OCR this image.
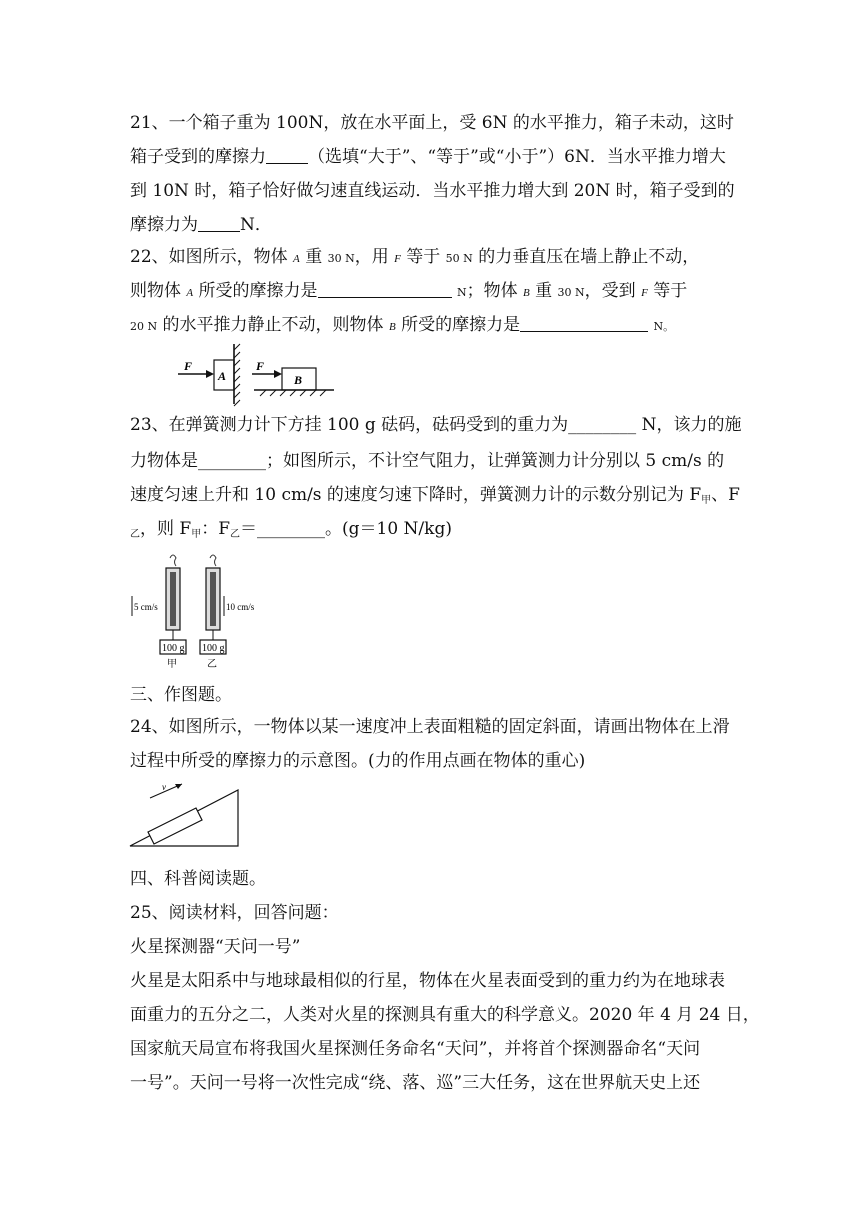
21、一个箱子重为 100N，放在水平面上，受 6N 的水平推力，箱子未动，这时
箱子受到的摩擦力 （选填“大于”、“等于”或“小于”）6N．当水平推力增大
到 10N 时，箱子恰好做匀速直线运动．当水平推力增大到 20N 时，箱子受到的
摩擦力为 N．
22、如图所示，物体 A 重 30 N，用 F 等于 50 N 的力垂直压在墙上静止不动，
则物体 A 所受的摩擦力是	N；物体 B 重 30 N，受到 F 等于
20 N 的水平推力静止不动，则物体 B 所受的摩擦力是	N。
F
A
F
B
23、在弹簧测力计下方挂 100 g 砝码，砝码受到的重力为________ N，该力的施
力物体是________；如图所示，不计空气阻力，让弹簧测力计分别以 5 cm/s 的
速度匀速上升和 10 cm/s 的速度匀速下降时，弹簧测力计的示数分别记为 $F_甲$、F
$_乙$，则 $F_甲$：$F_乙=\_\_\_\_\_\_\_\_$。(g＝10 N/kg)
100 g
甲
5 cm/s
100 g
乙
10 cm/s
三、作图题。
24、如图所示，一物体以某一速度冲上表面粗糙的固定斜面，请画出物体在上滑
过程中所受的摩擦力的示意图。(力的作用点画在物体的重心)
v
四、科普阅读题。
25、阅读材料，回答问题：
火星探测器“天问一号”
火星是太阳系中与地球最相似的行星，物体在火星表面受到的重力约为在地球表
面重力的五分之二，人类对火星的探测具有重大的科学意义。2020 年 4 月 24 日，
国家航天局宣布将我国火星探测任务命名“天问”，并将首个探测器命名“天问
一号”。天问一号将一次性完成“绕、落、巡”三大任务，这在世界航天史上还
